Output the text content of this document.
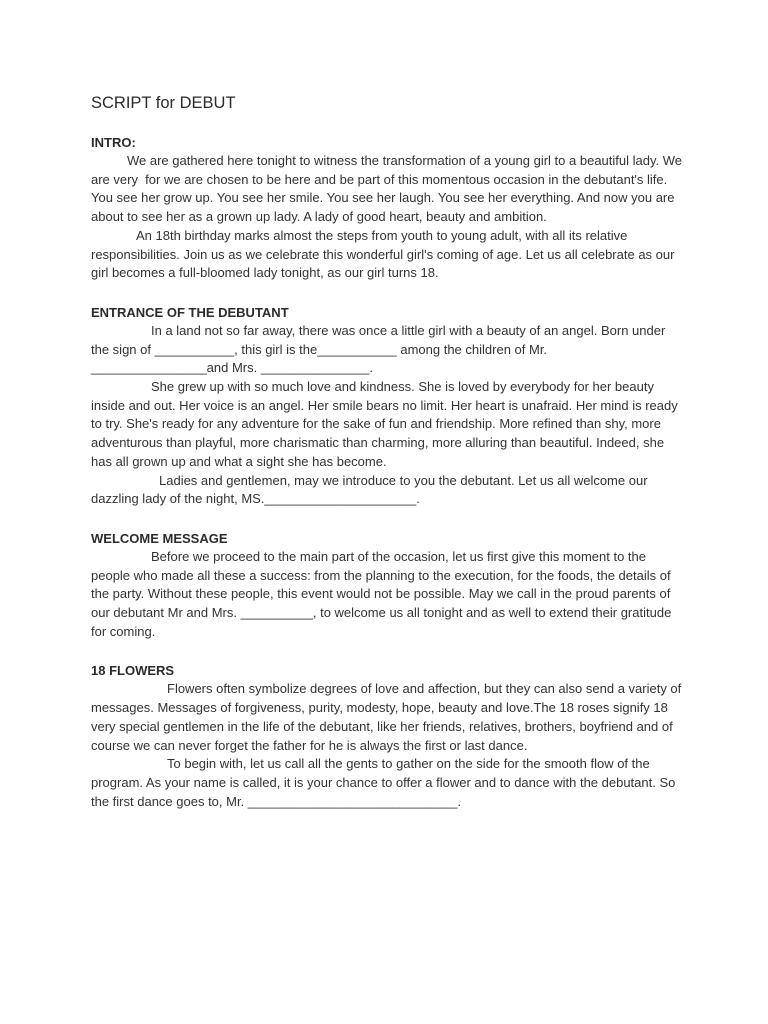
SCRIPT for DEBUT
INTRO:

We are gathered here tonight to witness the transformation of a young girl to a beautiful lady. We are very  for we are chosen to be here and be part of this momentous occasion in the debutant's life. You see her grow up. You see her smile. You see her laugh. You see her everything. And now you are about to see her as a grown up lady. A lady of good heart, beauty and ambition.

An 18th birthday marks almost the steps from youth to young adult, with all its relative responsibilities. Join us as we celebrate this wonderful girl's coming of age. Let us all celebrate as our girl becomes a full-bloomed lady tonight, as our girl turns 18.

ENTRANCE OF THE DEBUTANT

In a land not so far away, there was once a little girl with a beauty of an angel. Born under the sign of ___________, this girl is the___________ among the children of Mr. ________________and Mrs. _______________.

She grew up with so much love and kindness. She is loved by everybody for her beauty inside and out. Her voice is an angel. Her smile bears no limit. Her heart is unafraid. Her mind is ready to try. She's ready for any adventure for the sake of fun and friendship. More refined than shy, more adventurous than playful, more charismatic than charming, more alluring than beautiful. Indeed, she has all grown up and what a sight she has become.

Ladies and gentlemen, may we introduce to you the debutant. Let us all welcome our dazzling lady of the night, MS._____________________.

WELCOME MESSAGE

Before we proceed to the main part of the occasion, let us first give this moment to the people who made all these a success: from the planning to the execution, for the foods, the details of the party. Without these people, this event would not be possible. May we call in the proud parents of our debutant Mr and Mrs. __________, to welcome us all tonight and as well to extend their gratitude for coming.

18 FLOWERS

Flowers often symbolize degrees of love and affection, but they can also send a variety of messages. Messages of forgiveness, purity, modesty, hope, beauty and love.The 18 roses signify 18 very special gentlemen in the life of the debutant, like her friends, relatives, brothers, boyfriend and of course we can never forget the father for he is always the first or last dance.

To begin with, let us call all the gents to gather on the side for the smooth flow of the program. As your name is called, it is your chance to offer a flower and to dance with the debutant. So the first dance goes to, Mr. _____________________________.
